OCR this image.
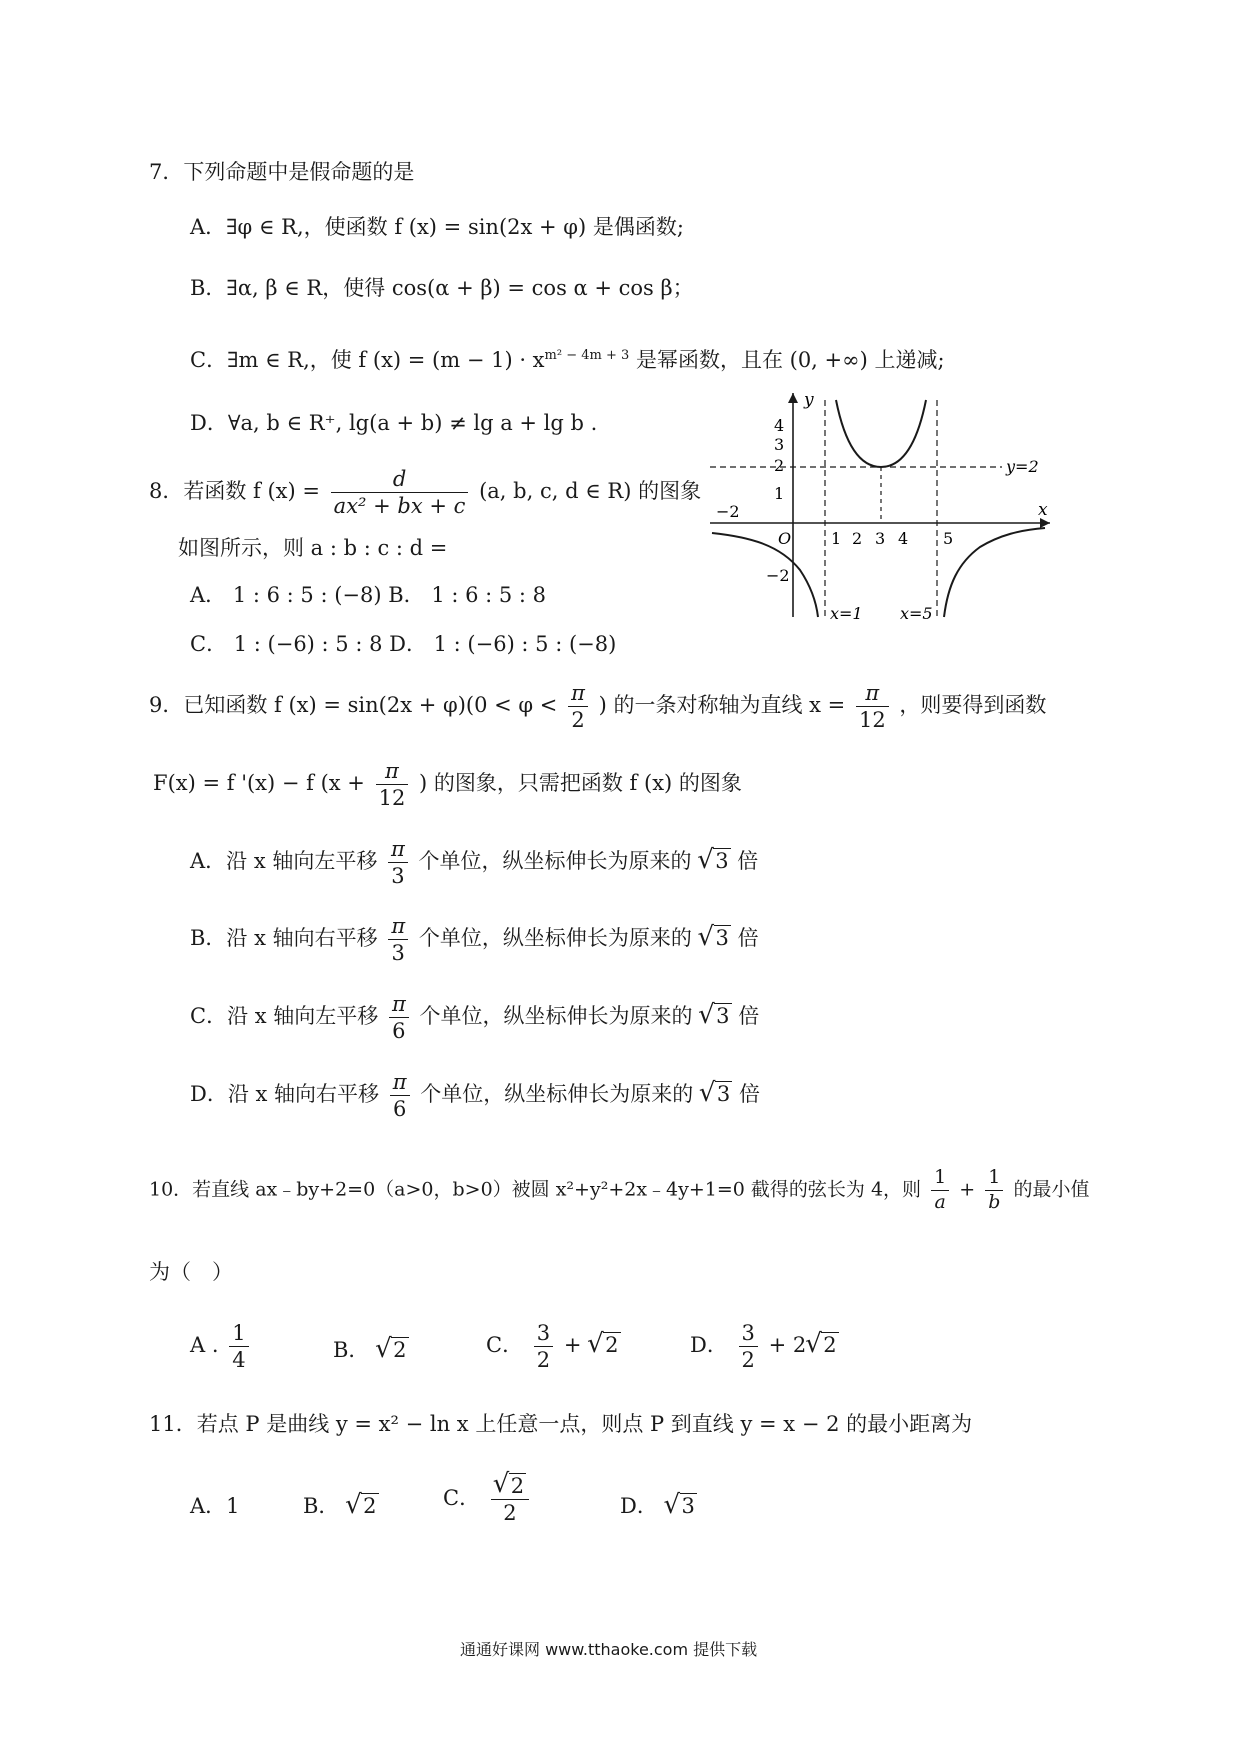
7．下列命题中是假命题的是
A．∃φ ∈ R,，使函数 f (x) = sin(2x + φ) 是偶函数;
B．∃α, β ∈ R，使得 cos(α + β) = cos α + cos β；
C．∃m ∈ R,，使 f $(x) = (m - 1) \cdot x^{m^2 - 4m + 3}$ 是幂函数，且在 (0, +∞) 上递减;
D．∀a, b ∈ R⁺, lg(a + b) ≠ lg a + lg b .
8．若函数 f $(x) = \frac{d}{\text{ax² + bx + c}} (a$, b, c, d ∈ R) 的图象
如图所示，则 a : b : c : d =
A． 1 : 6 : 5 : (−8) B． 1 : 6 : 5 : 8
C． 1 : (−6) : 5 : 8 D． 1 : (−6) : 5 : (−8)
y
x
4
3
2
1
−2
−2
1 2 3 4 5
O
y=2
x=1 x=5
9．已知函数 f $(x) = \sin(2x + \varphi)(0 < \varphi < \frac{\pi}{2}$ ) 的一条对称轴为直线 $x = \frac{\pi}{12}$ ，则要得到函数
F(x) = f '(x) − f ($x + \frac{\pi}{12}$ ) 的图象，只需把函数 f (x) 的图象
A．沿 x 轴向左平移 $\frac{\pi}{3}$ 个单位，纵坐标伸长为原来的 √ 3 倍
B．沿 x 轴向右平移 $\frac{\pi}{3}$ 个单位，纵坐标伸长为原来的 √ 3 倍
C．沿 x 轴向左平移 $\frac{\pi}{6}$ 个单位，纵坐标伸长为原来的 √ 3 倍
D．沿 x 轴向右平移 $\frac{\pi}{6}$ 个单位，纵坐标伸长为原来的 √ 3 倍
10．若直线 ax﹣by+2=0（a>0，b>0）被圆 x²+y²+2x﹣4y+1=0 截得的弦长为 4，则 $\frac{1}{a} + \frac{1}{b}$ 的最小值
为（　）
A . $\frac{1}{4}$	B． √ 2	C． $\frac{3}{2}$ + √ 2	D． $\frac{3}{2} + 2√$ 2
11．若点 P 是曲线 y = x² − ln x 上任意一点，则点 P 到直线 y = x − 2 的最小距离为
A．1	B． √ 2	C．
√ $\frac{2}{2}$	D． √ 3
通通好课网 www.tthaoke.com 提供下载
